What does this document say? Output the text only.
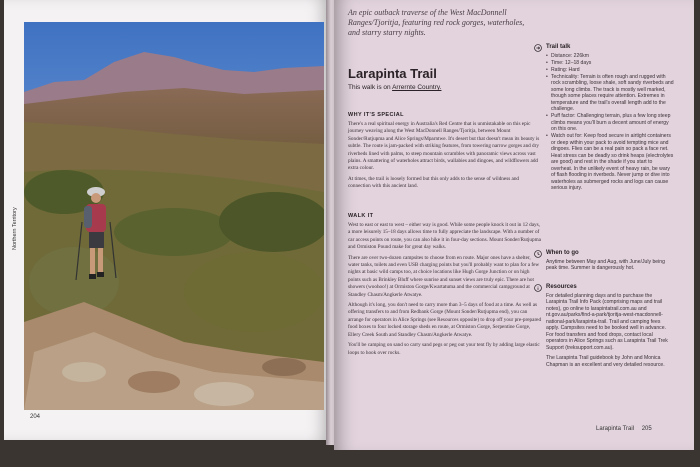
Northern Territory
204
An epic outback traverse of the West MacDonnell Ranges/Tjoritja, featuring red rock gorges, waterholes, and starry starry nights.
Larapinta Trail
This walk is on Arrernte Country.
WHY IT'S SPECIAL

There's a real spiritual energy in Australia's Red Centre that is unmistakable on this epic journey weaving along the West MacDonnell Ranges/Tjoritja, between Mount Sonder/Rutjupma and Alice Springs/Mparntwe. It's desert but that doesn't mean its beauty is subtle. The route is jam-packed with striking features, from towering narrow gorges and dry riverbeds lined with palms, to steep mountain scrambles with panoramic views across vast plains. A smattering of waterholes attract birds, wallabies and dingoes, and wildflowers add extra colour.

At times, the trail is loosely formed but this only adds to the sense of wildness and connection with this ancient land.

WALK IT

West to east or east to west – either way is good. While some people knock it out in 12 days, a more leisurely 15–18 days allows time to fully appreciate the landscape. With a number of car access points on route, you can also hike it in four-day sections. Mount Sonder/Rutjupma and Ormiston Pound make for great day walks.

There are over two-dozen campsites to choose from en route. Major ones have a shelter, water tanks, toilets and even USB charging points but you'll probably want to plan for a few nights at basic wild camps too, at choice locations like Hugh Gorge Junction or on high points such as Brinkley Bluff where sunrise and sunset views are truly epic. There are hot showers (woohoo!) at Ormiston Gorge/Kwartatuma and the commercial campground at Standley Chasm/Angkerle Atwatye.

Although it's long, you don't need to carry more than 3–5 days of food at a time. As well as offering transfers to and from Redbank Gorge (Mount Sonder/Rutjupma end), you can arrange for operators in Alice Springs (see Resources opposite) to drop off your pre-prepared food boxes to four locked storage sheds en route, at Ormiston Gorge, Serpentine Gorge, Ellery Creek South and Standley Chasm/Angkerle Atwatye.

You'll be camping on sand so carry sand pegs or peg out your tent fly by adding large elastic loops to hook over rocks.

Trail talk
• Distance: 226km
• Time: 12–18 days
• Rating: Hard
• Technicality: Terrain is often rough and rugged with rock scrambling, loose shale, soft sandy riverbeds and some long climbs. The track is mostly well marked, though some places require attention. Extremes in temperature and the trail's overall length add to the challenge.
• Puff factor: Challenging terrain, plus a few long steep climbs means you'll burn a decent amount of energy on this one.
• Watch out for: Keep food secure in airtight containers or deep within your pack to avoid tempting mice and dingoes. Flies can be a real pain so pack a face net. Heat stress can be deadly so drink heaps (electrolytes are good) and rest in the shade if you start to overheat. In the unlikely event of heavy rain, be wary of flash flooding in riverbeds. Never jump or dive into waterholes as submerged rocks and logs can cause serious injury.
When to go
Anytime between May and Aug, with June/July being peak time. Summer is dangerously hot.
Resources
For detailed planning days and to purchase the Larapinta Trail Info Pack (comprising maps and trail notes), go online to larapintatrail.com.au and nt.gov.au/parks/find-a-park/tjoritja-west-macdonnell-national-park/larapinta-trail. Trail and camping fees apply. Campsites need to be booked well in advance. For food transfers and food drops, contact local operators in Alice Springs such as Larapinta Trail Trek Support (treksupport.com.au).
The Larapinta Trail guidebook by John and Monica Chapman is an excellent and very detailed resource.
Larapinta Trail 205
